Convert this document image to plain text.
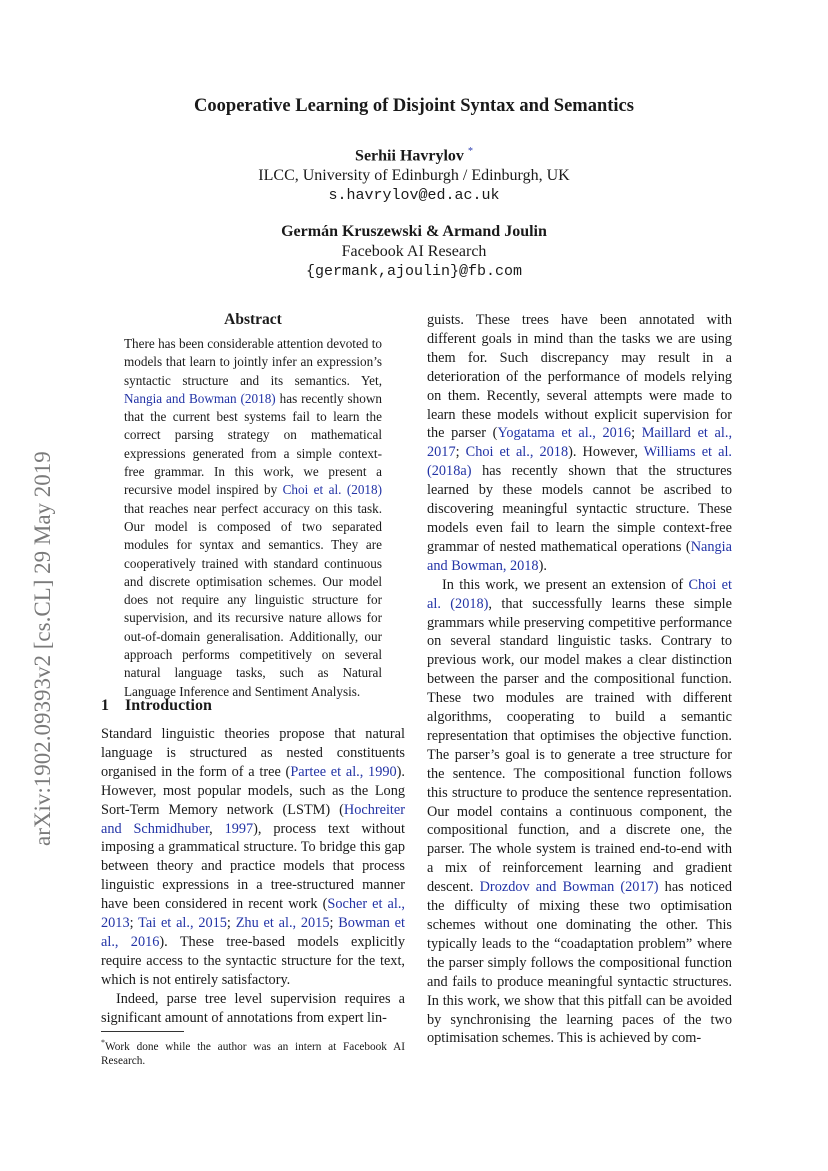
arXiv:1902.09393v2 [cs.CL] 29 May 2019
Cooperative Learning of Disjoint Syntax and Semantics
Serhii Havrylov *
ILCC, University of Edinburgh / Edinburgh, UK
s.havrylov@ed.ac.uk
Germán Kruszewski & Armand Joulin
Facebook AI Research
{germank,ajoulin}@fb.com
Abstract

There has been considerable attention devoted to models that learn to jointly infer an expression’s syntactic structure and its semantics. Yet, Nangia and Bowman (2018) has recently shown that the current best systems fail to learn the correct parsing strategy on mathematical expressions generated from a simple context-free grammar. In this work, we present a recursive model inspired by Choi et al. (2018) that reaches near perfect accuracy on this task. Our model is composed of two separated modules for syntax and semantics. They are cooperatively trained with standard continuous and discrete optimisation schemes. Our model does not require any linguistic structure for supervision, and its recursive nature allows for out-of-domain generalisation. Additionally, our approach performs competitively on several natural language tasks, such as Natural Language Inference and Sentiment Analysis.

1 Introduction

Standard linguistic theories propose that natural language is structured as nested constituents organised in the form of a tree (Partee et al., 1990). However, most popular models, such as the Long Sort-Term Memory network (LSTM) (Hochreiter and Schmidhuber, 1997), process text without imposing a grammatical structure. To bridge this gap between theory and practice models that process linguistic expressions in a tree-structured manner have been considered in recent work (Socher et al., 2013; Tai et al., 2015; Zhu et al., 2015; Bowman et al., 2016). These tree-based models explicitly require access to the syntactic structure for the text, which is not entirely satisfactory.

Indeed, parse tree level supervision requires a significant amount of annotations from expert lin-

*Work done while the author was an intern at Facebook AI Research.

guists. These trees have been annotated with different goals in mind than the tasks we are using them for. Such discrepancy may result in a deterioration of the performance of models relying on them. Recently, several attempts were made to learn these models without explicit supervision for the parser (Yogatama et al., 2016; Maillard et al., 2017; Choi et al., 2018). However, Williams et al. (2018a) has recently shown that the structures learned by these models cannot be ascribed to discovering meaningful syntactic structure. These models even fail to learn the simple context-free grammar of nested mathematical operations (Nangia and Bowman, 2018).

In this work, we present an extension of Choi et al. (2018), that successfully learns these simple grammars while preserving competitive performance on several standard linguistic tasks. Contrary to previous work, our model makes a clear distinction between the parser and the compositional function. These two modules are trained with different algorithms, cooperating to build a semantic representation that optimises the objective function. The parser’s goal is to generate a tree structure for the sentence. The compositional function follows this structure to produce the sentence representation. Our model contains a continuous component, the compositional function, and a discrete one, the parser. The whole system is trained end-to-end with a mix of reinforcement learning and gradient descent. Drozdov and Bowman (2017) has noticed the difficulty of mixing these two optimisation schemes without one dominating the other. This typically leads to the “coadaptation problem” where the parser simply follows the compositional function and fails to produce meaningful syntactic structures. In this work, we show that this pitfall can be avoided by synchronising the learning paces of the two optimisation schemes. This is achieved by com-
